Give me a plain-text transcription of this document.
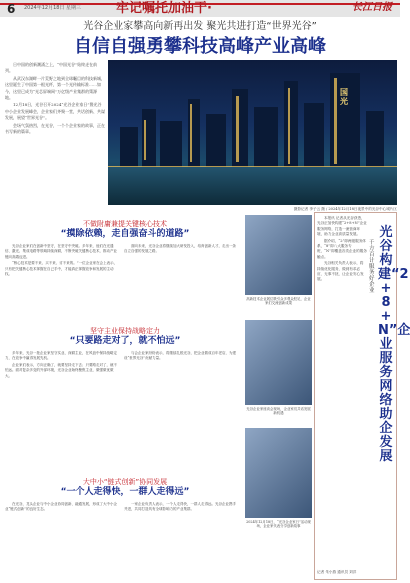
6 2024年12月18日 星期三	牢记嘱托加油干·	长江日报
光谷企业家攀高向新再出发 聚光共进打造“世界光谷”
自信自强勇攀科技高峰产业高峰

日中国的创新潮涌之上，“中国光谷”始终走在前列。

从武汉东湖畔一片荒野之地到全球瞩目的科技新城，这里诞生了中国第一根光纤，第一个光传输标准……如今，这里已成为“光芯屏端网”万亿级产业集群的策源地。

12月18日，光谷召开2024“光谷企业家日”暨光谷中小企业发展峰会，企业家们齐聚一堂，共话创新、共谋发展，展望“世界光谷”。

会场气氛热烈，在光谷，一个个企业家的故事，正在书写新的篇章。

国 光
摄影记者 李子云 摄 / 2024年12月18日夜景中的光谷中心城片区
不做附庸兼提关键核心技术
“摸除依赖，走自强奋斗的道路”

光谷企业家们在创新中坚守，在坚守中突破。多年来，他们在光通信、激光、集成电路等领域持续深耕，不断突破关键核心技术，推动产业链向高端迈进。

“核心技术是要不来、买不来、讨不来的。”一位企业家在会上表示，只有把关键核心技术掌握在自己手中，才能真正掌握竞争和发展的主动权。

面向未来，光谷企业将继续加大研发投入，培育创新人才，走出一条自立自强的发展之路。

坚守主业保持战略定力
“只要路走对了，就不怕远”

多年来，光谷一批企业家坚守实业、深耕主业，在风浪中保持战略定力，在竞争中赢得发展先机。

企业家们表示，方向正确了，就要坚持走下去；只要路走对了，就不怕远。面对复杂多变的外部环境，光谷企业始终聚焦主业，做强做优做大。

与会企业家纷纷表示，将继续扎根光谷，把企业做成百年老店，为建设“世界光谷”贡献力量。

大中小“链式创新”协同发展
“一个人走得快，一群人走得远”

在光谷，龙头企业与中小企业协同创新、融通发展，形成了大中小企业“链式创新”的良好生态。

一家企业负责人表示，一个人走得快，一群人走得远。光谷企业携手并进，共同打造具有全球影响力的产业集群。

高新技术企业展位吸引众多观众驻足，企业家们交流创新成果
光谷企业家座谈会现场，企业家们共话发展新机遇
2024年12月18日，“光谷企业家日”活动现场，企业家代表分享创新故事
光谷构建“2+8+N”企业服务网络助企发展
千方百计服务好企业

本报讯 记者从光谷获悉，光谷正加快构建“2+8+N”企业服务网络，打造一流营商环境，助力企业高质量发展。

据介绍，“2”即两级服务体系，“8”即八大服务专班，“N”即覆盖各类企业的服务触点。

光谷相关负责人表示，将持续优化服务，做到有求必应、无事不扰，让企业安心发展。

记者 朱小燕 通讯员 刘洋
